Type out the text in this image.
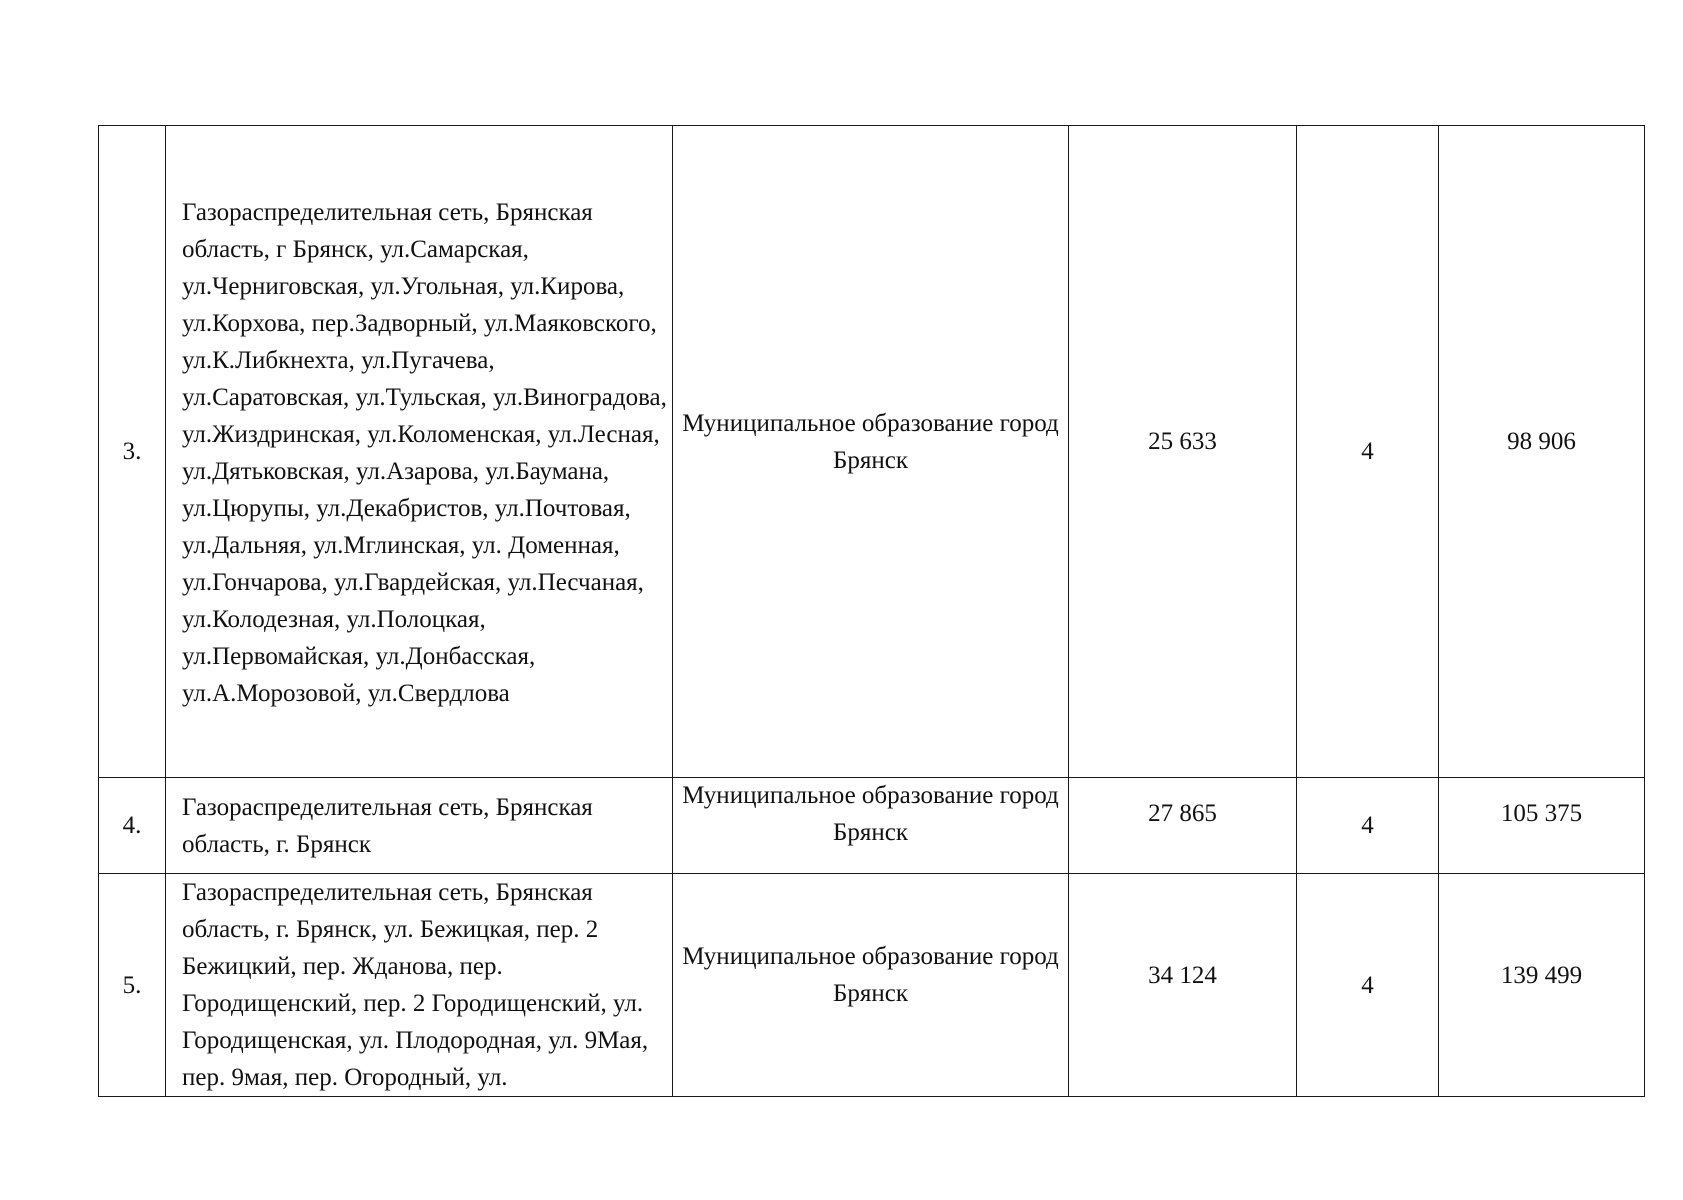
3.	Газораспределительная сеть, Брянская область, г Брянск, ул.Самарская, ул.Черниговская, ул.Угольная, ул.Кирова, ул.Корхова, пер.Задворный, ул.Маяковского, ул.К.Либкнехта, ул.Пугачева, ул.Саратовская, ул.Тульская, ул.Виноградова, ул.Жиздринская, ул.Коломенская, ул.Лесная, ул.Дятьковская, ул.Азарова, ул.Баумана, ул.Цюрупы, ул.Декабристов, ул.Почтовая, ул.Дальняя, ул.Мглинская, ул. Доменная, ул.Гончарова, ул.Гвардейская, ул.Песчаная, ул.Колодезная, ул.Полоцкая, ул.Первомайская, ул.Донбасская, ул.А.Морозовой, ул.Свердлова	Муниципальное образование город Брянск	25 633	4	98 906

4.	Газораспределительная сеть, Брянская область, г. Брянск	Муниципальное образование город Брянск	27 865	4	105 375

5.	Газораспределительная сеть, Брянская область, г. Брянск, ул. Бежицкая, пер. 2 Бежицкий, пер. Жданова, пер. Городищенский, пер. 2 Городищенский, ул. Городищенская, ул. Плодородная, ул. 9Мая, пер. 9мая, пер. Огородный, ул.	Муниципальное образование город Брянск	34 124	4	139 499
